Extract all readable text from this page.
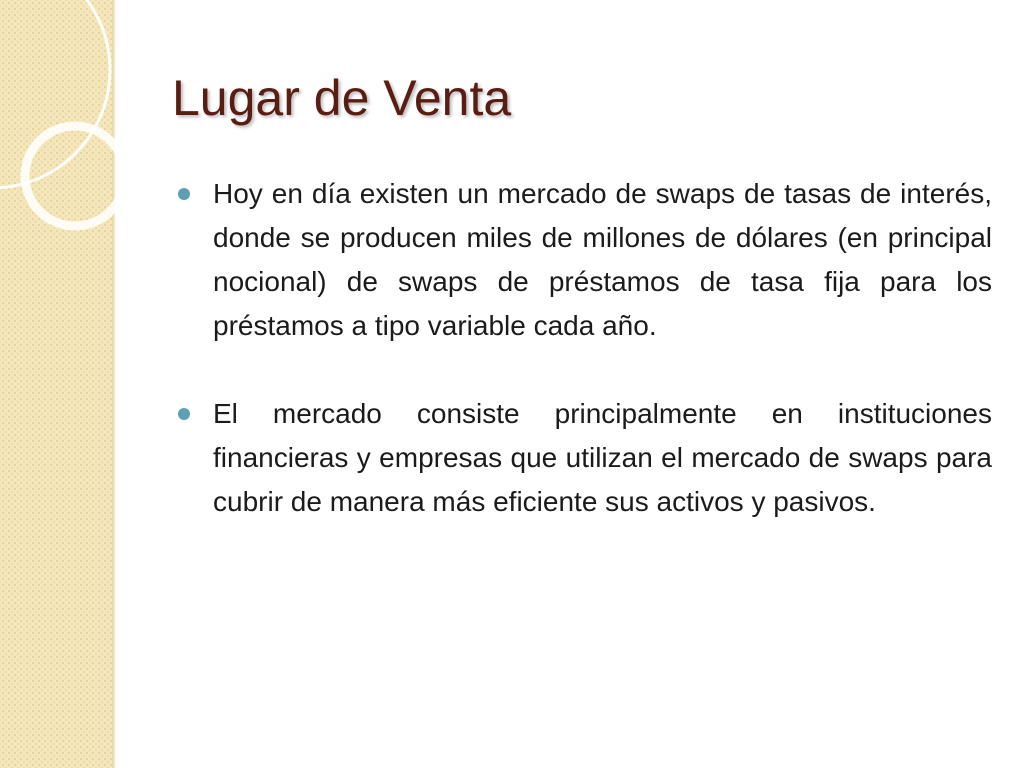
Lugar de Venta
Hoy en día existen un mercado de swaps de tasas de interés, donde se producen miles de millones de dólares (en principal nocional) de swaps de préstamos de tasa fija para los préstamos a tipo variable cada año.
El mercado consiste principalmente en instituciones financieras y empresas que utilizan el mercado de swaps para cubrir de manera más eficiente sus activos y pasivos.
